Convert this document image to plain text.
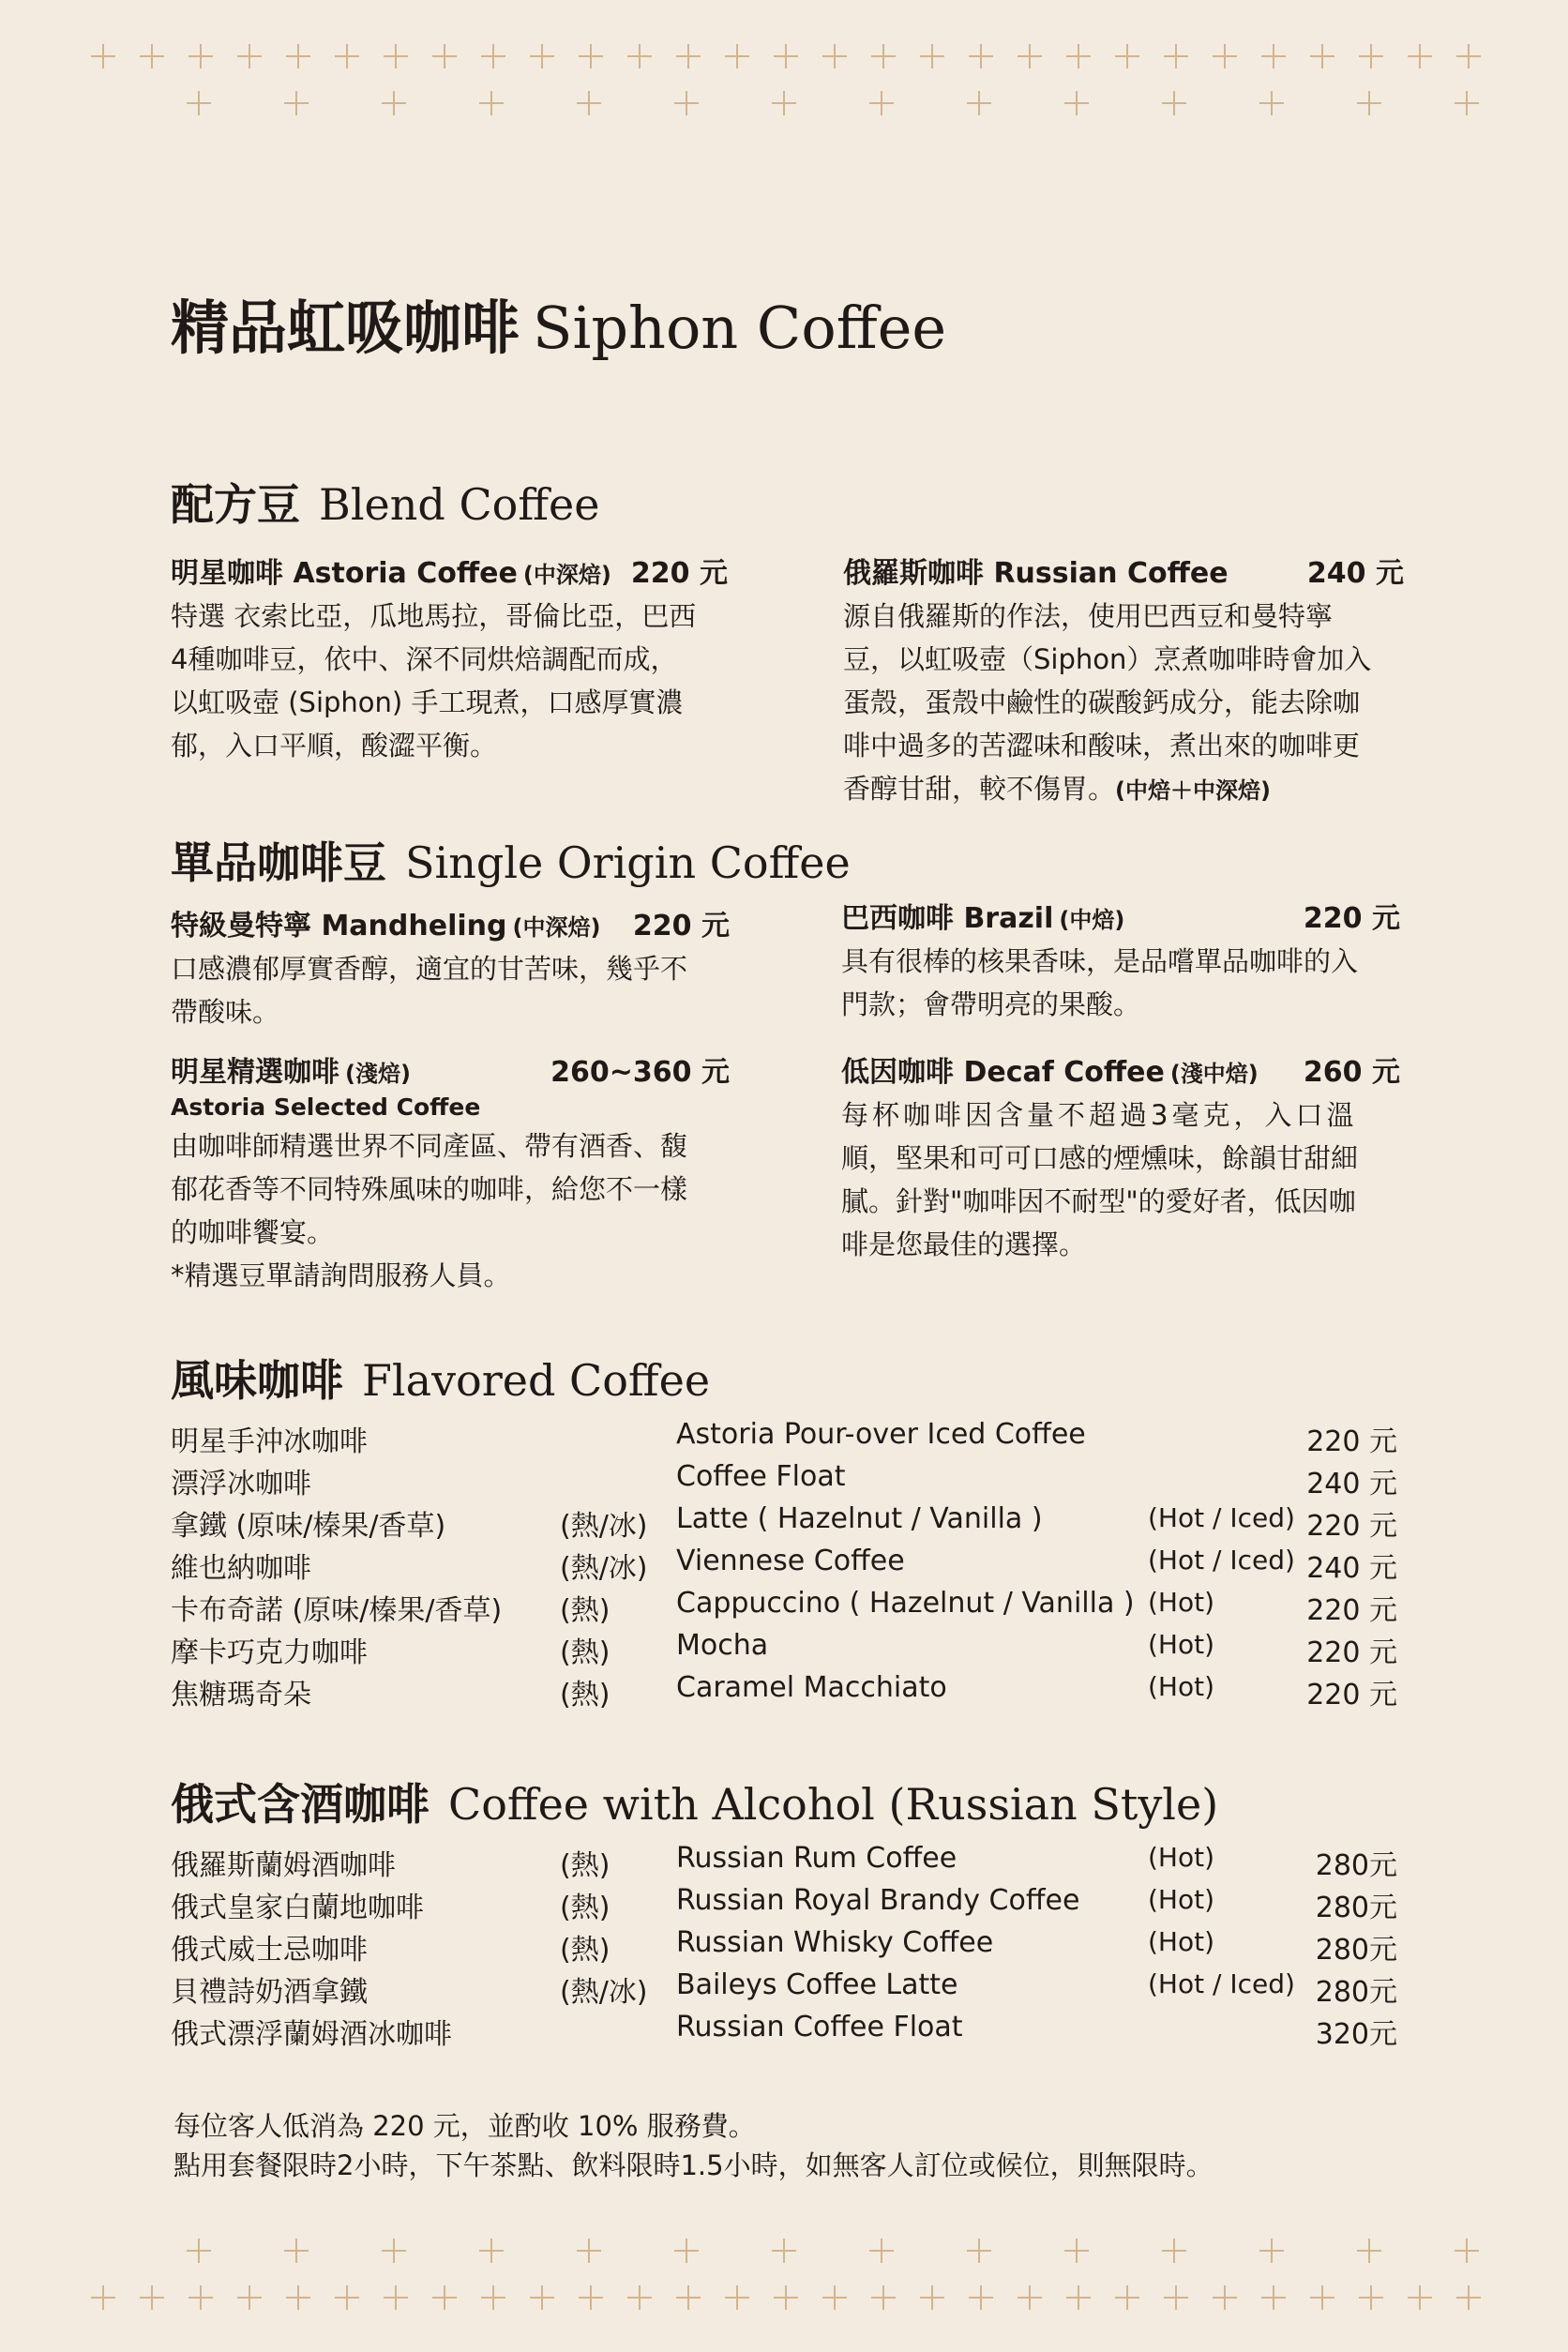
精品虹吸咖啡 Siphon Coffee
配方豆 Blend Coffee
明星咖啡 Astoria Coffee (中深焙) 220 元
特選 衣索比亞，瓜地馬拉，哥倫比亞，巴西
4種咖啡豆，依中、深不同烘焙調配而成，
以虹吸壺 (Siphon) 手工現煮，口感厚實濃
郁，入口平順，酸澀平衡。
俄羅斯咖啡 Russian Coffee	240 元
源自俄羅斯的作法，使用巴西豆和曼特寧
豆，以虹吸壺（Siphon）烹煮咖啡時會加入
蛋殼，蛋殼中鹼性的碳酸鈣成分，能去除咖
啡中過多的苦澀味和酸味，煮出來的咖啡更
香醇甘甜，較不傷胃。(中焙＋中深焙)
單品咖啡豆 Single Origin Coffee
特級曼特寧 Mandheling (中深焙) 220 元
口感濃郁厚實香醇，適宜的甘苦味，幾乎不
帶酸味。
巴西咖啡 Brazil (中焙)	220 元
具有很棒的核果香味，是品嚐單品咖啡的入
門款；會帶明亮的果酸。
明星精選咖啡 (淺焙)	260~360 元
Astoria Selected Coffee
由咖啡師精選世界不同產區、帶有酒香、馥
郁花香等不同特殊風味的咖啡，給您不一樣
的咖啡饗宴。
*精選豆單請詢問服務人員。
低因咖啡 Decaf Coffee (淺中焙) 260 元
每杯咖啡因含量不超過3毫克，入口溫
順，堅果和可可口感的煙燻味，餘韻甘甜細
膩。針對"咖啡因不耐型"的愛好者，低因咖
啡是您最佳的選擇。
風味咖啡 Flavored Coffee
明星手沖冰咖啡	Astoria Pour-over Iced Coffee	220 元
漂浮冰咖啡	Coffee Float	240 元
拿鐵 (原味/榛果/香草)	(熱/冰) Latte ( Hazelnut / Vanilla )	(Hot / Iced) 220 元
維也納咖啡	(熱/冰) Viennese Coffee	(Hot / Iced) 240 元
卡布奇諾 (原味/榛果/香草) (熱) Cappuccino ( Hazelnut / Vanilla ) (Hot)	220 元
摩卡巧克力咖啡	(熱) Mocha	(Hot)	220 元
焦糖瑪奇朵	(熱) Caramel Macchiato	(Hot)	220 元
俄式含酒咖啡 Coffee with Alcohol (Russian Style)
俄羅斯蘭姆酒咖啡	(熱) Russian Rum Coffee	(Hot)	280元
俄式皇家白蘭地咖啡	(熱) Russian Royal Brandy Coffee	(Hot)	280元
俄式威士忌咖啡	(熱) Russian Whisky Coffee	(Hot)	280元
貝禮詩奶酒拿鐵	(熱/冰) Baileys Coffee Latte	(Hot / Iced) 280元
俄式漂浮蘭姆酒冰咖啡	Russian Coffee Float	320元
每位客人低消為 220 元，並酌收 10% 服務費。
點用套餐限時2小時，下午茶點、飲料限時1.5小時，如無客人訂位或候位，則無限時。
